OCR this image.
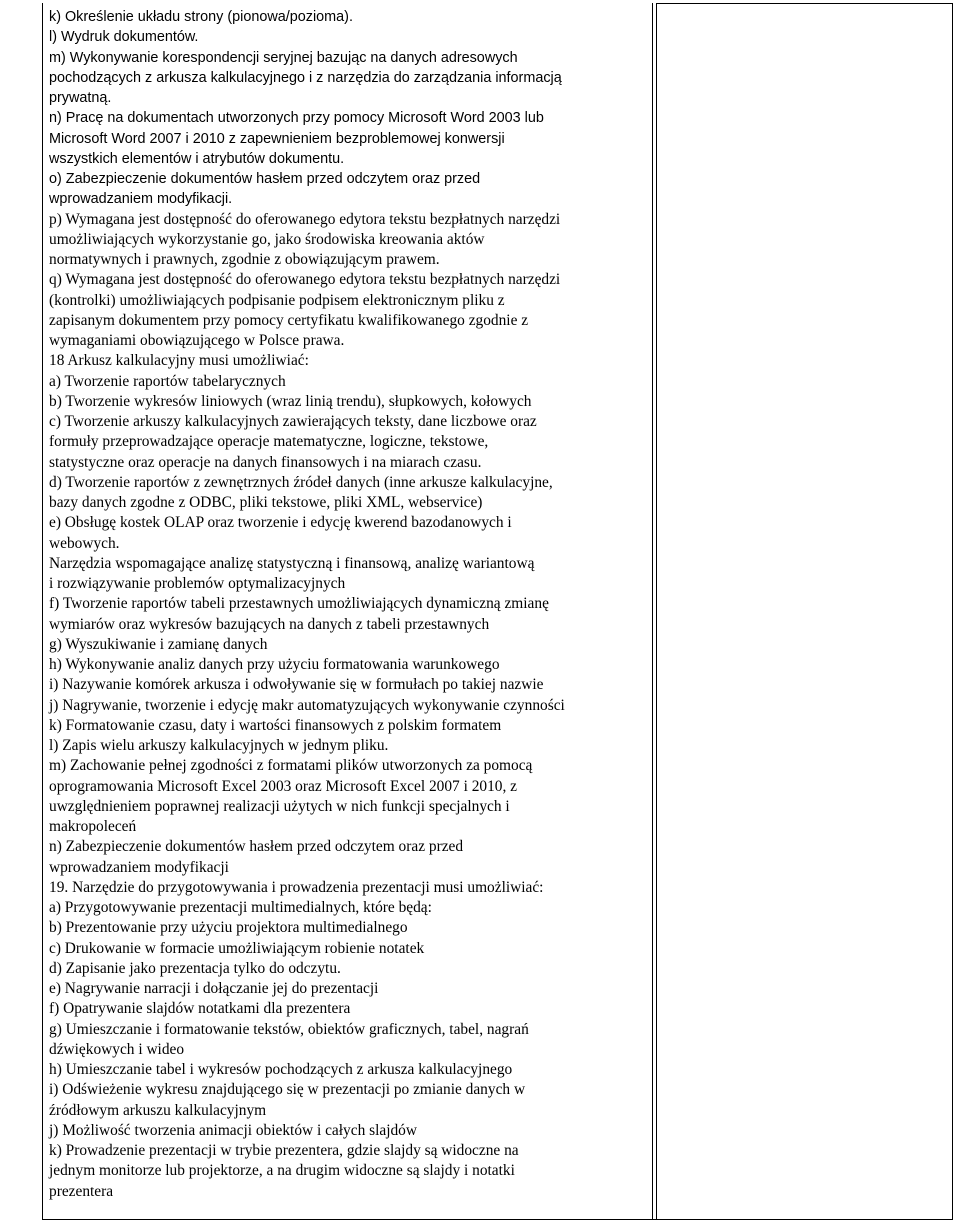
k) Określenie układu strony (pionowa/pozioma).
l) Wydruk dokumentów.
m) Wykonywanie korespondencji seryjnej bazując na danych adresowych
pochodzących z arkusza kalkulacyjnego i z narzędzia do zarządzania informacją
prywatną.
n) Pracę na dokumentach utworzonych przy pomocy Microsoft Word 2003 lub
Microsoft Word 2007 i 2010 z zapewnieniem bezproblemowej konwersji
wszystkich elementów i atrybutów dokumentu.
o) Zabezpieczenie dokumentów hasłem przed odczytem oraz przed
wprowadzaniem modyfikacji.
p) Wymagana jest dostępność do oferowanego edytora tekstu bezpłatnych narzędzi
umożliwiających wykorzystanie go, jako środowiska kreowania aktów
normatywnych i prawnych, zgodnie z obowiązującym prawem.
q) Wymagana jest dostępność do oferowanego edytora tekstu bezpłatnych narzędzi
(kontrolki) umożliwiających podpisanie podpisem elektronicznym pliku z
zapisanym dokumentem przy pomocy certyfikatu kwalifikowanego zgodnie z
wymaganiami obowiązującego w Polsce prawa.
18 Arkusz kalkulacyjny musi umożliwiać:
a) Tworzenie raportów tabelarycznych
b) Tworzenie wykresów liniowych (wraz linią trendu), słupkowych, kołowych
c) Tworzenie arkuszy kalkulacyjnych zawierających teksty, dane liczbowe oraz
formuły przeprowadzające operacje matematyczne, logiczne, tekstowe,
statystyczne oraz operacje na danych finansowych i na miarach czasu.
d) Tworzenie raportów z zewnętrznych źródeł danych (inne arkusze kalkulacyjne,
bazy danych zgodne z ODBC, pliki tekstowe, pliki XML, webservice)
e) Obsługę kostek OLAP oraz tworzenie i edycję kwerend bazodanowych i
webowych.
Narzędzia wspomagające analizę statystyczną i finansową, analizę wariantową
i rozwiązywanie problemów optymalizacyjnych
f) Tworzenie raportów tabeli przestawnych umożliwiających dynamiczną zmianę
wymiarów oraz wykresów bazujących na danych z tabeli przestawnych
g) Wyszukiwanie i zamianę danych
h) Wykonywanie analiz danych przy użyciu formatowania warunkowego
i) Nazywanie komórek arkusza i odwoływanie się w formułach po takiej nazwie
j) Nagrywanie, tworzenie i edycję makr automatyzujących wykonywanie czynności
k) Formatowanie czasu, daty i wartości finansowych z polskim formatem
l) Zapis wielu arkuszy kalkulacyjnych w jednym pliku.
m) Zachowanie pełnej zgodności z formatami plików utworzonych za pomocą
oprogramowania Microsoft Excel 2003 oraz Microsoft Excel 2007 i 2010, z
uwzględnieniem poprawnej realizacji użytych w nich funkcji specjalnych i
makropoleceń
n) Zabezpieczenie dokumentów hasłem przed odczytem oraz przed
wprowadzaniem modyfikacji
19. Narzędzie do przygotowywania i prowadzenia prezentacji musi umożliwiać:
a) Przygotowywanie prezentacji multimedialnych, które będą:
b) Prezentowanie przy użyciu projektora multimedialnego
c) Drukowanie w formacie umożliwiającym robienie notatek
d) Zapisanie jako prezentacja tylko do odczytu.
e) Nagrywanie narracji i dołączanie jej do prezentacji
f) Opatrywanie slajdów notatkami dla prezentera
g) Umieszczanie i formatowanie tekstów, obiektów graficznych, tabel, nagrań
dźwiękowych i wideo
h) Umieszczanie tabel i wykresów pochodzących z arkusza kalkulacyjnego
i) Odświeżenie wykresu znajdującego się w prezentacji po zmianie danych w
źródłowym arkuszu kalkulacyjnym
j) Możliwość tworzenia animacji obiektów i całych slajdów
k) Prowadzenie prezentacji w trybie prezentera, gdzie slajdy są widoczne na
jednym monitorze lub projektorze, a na drugim widoczne są slajdy i notatki
prezentera
